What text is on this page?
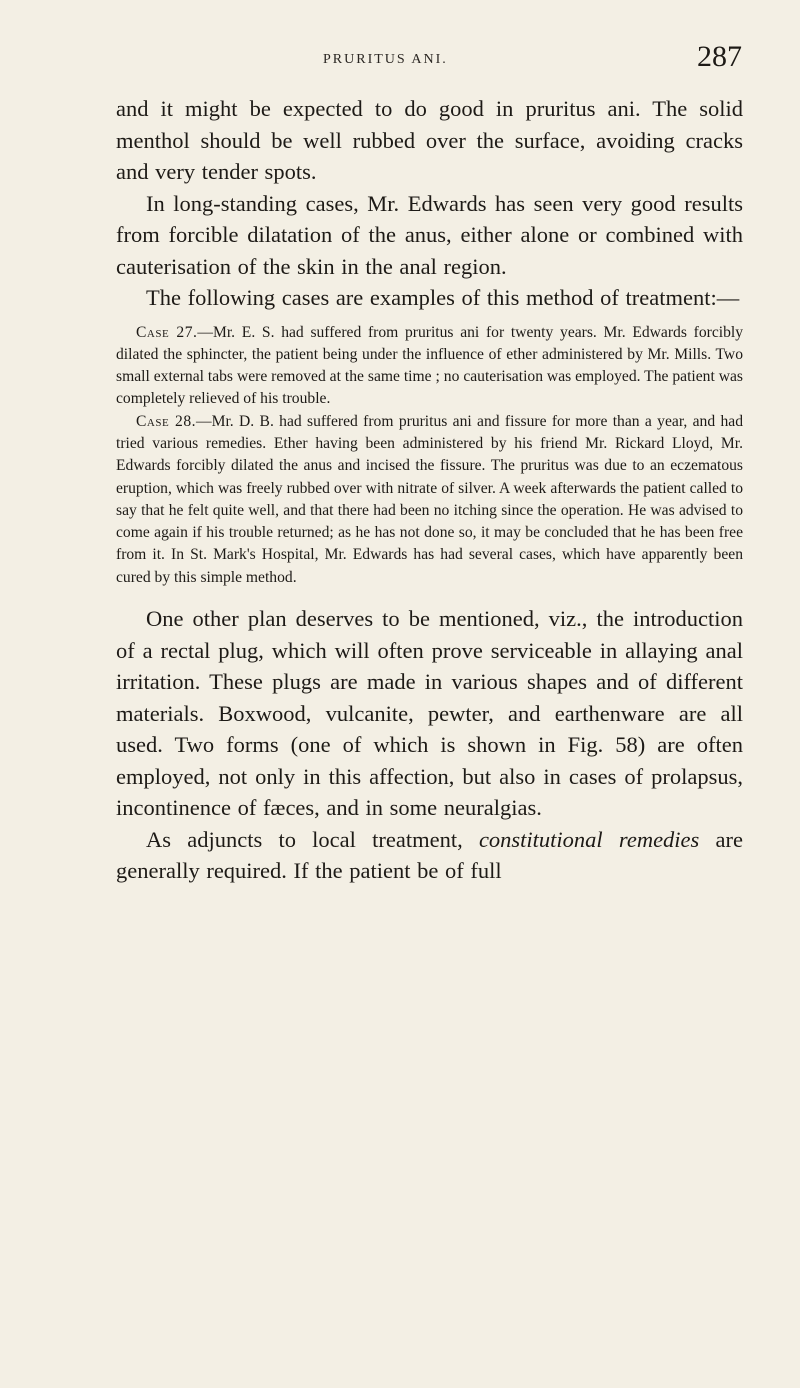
PRURITUS ANI.	287

and it might be expected to do good in pruritus ani. The solid menthol should be well rubbed over the surface, avoiding cracks and very tender spots.

In long-standing cases, Mr. Edwards has seen very good results from forcible dilatation of the anus, either alone or combined with cauterisation of the skin in the anal region.

The following cases are examples of this method of treatment:—

Case 27.—Mr. E. S. had suffered from pruritus ani for twenty years. Mr. Edwards forcibly dilated the sphincter, the patient being under the influence of ether administered by Mr. Mills. Two small external tabs were removed at the same time ; no cauterisation was employed. The patient was completely relieved of his trouble.

Case 28.—Mr. D. B. had suffered from pruritus ani and fissure for more than a year, and had tried various remedies. Ether having been administered by his friend Mr. Rickard Lloyd, Mr. Edwards forcibly dilated the anus and incised the fissure. The pruritus was due to an eczematous eruption, which was freely rubbed over with nitrate of silver. A week afterwards the patient called to say that he felt quite well, and that there had been no itching since the operation. He was advised to come again if his trouble returned; as he has not done so, it may be concluded that he has been free from it. In St. Mark's Hospital, Mr. Edwards has had several cases, which have apparently been cured by this simple method.

One other plan deserves to be mentioned, viz., the introduction of a rectal plug, which will often prove serviceable in allaying anal irritation. These plugs are made in various shapes and of different materials. Boxwood, vulcanite, pewter, and earthenware are all used. Two forms (one of which is shown in Fig. 58) are often employed, not only in this affection, but also in cases of prolapsus, incontinence of fæces, and in some neuralgias.

As adjuncts to local treatment, constitutional remedies are generally required. If the patient be of full
